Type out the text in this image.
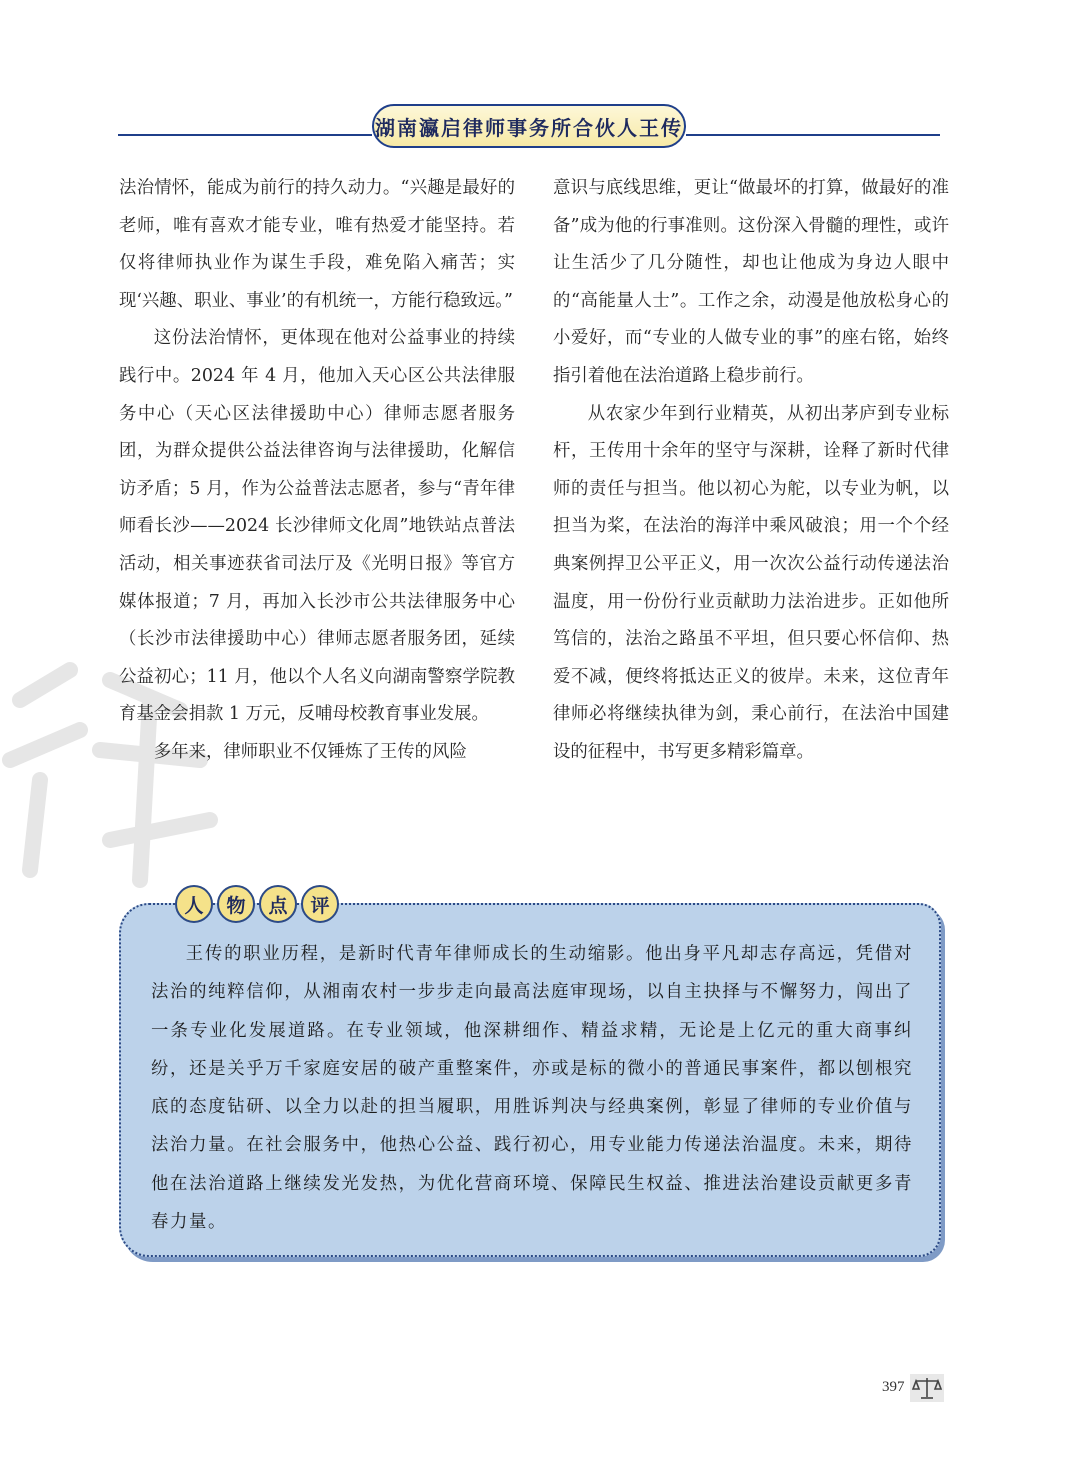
湖南瀛启律师事务所合伙人王传

法治情怀，能成为前行的持久动力。“兴趣是最好的老师，唯有喜欢才能专业，唯有热爱才能坚持。若仅将律师执业作为谋生手段，难免陷入痛苦；实现‘兴趣、职业、事业’的有机统一，方能行稳致远。”

这份法治情怀，更体现在他对公益事业的持续践行中。2024 年 4 月，他加入天心区公共法律服务中心（天心区法律援助中心）律师志愿者服务团，为群众提供公益法律咨询与法律援助，化解信访矛盾；5 月，作为公益普法志愿者，参与“青年律师看长沙——2024 长沙律师文化周”地铁站点普法活动，相关事迹获省司法厅及《光明日报》等官方媒体报道；7 月，再加入长沙市公共法律服务中心（长沙市法律援助中心）律师志愿者服务团，延续公益初心；11 月，他以个人名义向湖南警察学院教育基金会捐款 1 万元，反哺母校教育事业发展。

多年来，律师职业不仅锤炼了王传的风险

意识与底线思维，更让“做最坏的打算，做最好的准备”成为他的行事准则。这份深入骨髓的理性，或许让生活少了几分随性，却也让他成为身边人眼中的“高能量人士”。工作之余，动漫是他放松身心的小爱好，而“专业的人做专业的事”的座右铭，始终指引着他在法治道路上稳步前行。

从农家少年到行业精英，从初出茅庐到专业标杆，王传用十余年的坚守与深耕，诠释了新时代律师的责任与担当。他以初心为舵，以专业为帆，以担当为桨，在法治的海洋中乘风破浪；用一个个经典案例捍卫公平正义，用一次次公益行动传递法治温度，用一份份行业贡献助力法治进步。正如他所笃信的，法治之路虽不平坦，但只要心怀信仰、热爱不减，便终将抵达正义的彼岸。未来，这位青年律师必将继续执律为剑，秉心前行，在法治中国建设的征程中，书写更多精彩篇章。

王传的职业历程，是新时代青年律师成长的生动缩影。他出身平凡却志存高远，凭借对法治的纯粹信仰，从湘南农村一步步走向最高法庭审现场，以自主抉择与不懈努力，闯出了一条专业化发展道路。在专业领域，他深耕细作、精益求精，无论是上亿元的重大商事纠纷，还是关乎万千家庭安居的破产重整案件，亦或是标的微小的普通民事案件，都以刨根究底的态度钻研、以全力以赴的担当履职，用胜诉判决与经典案例，彰显了律师的专业价值与法治力量。在社会服务中，他热心公益、践行初心，用专业能力传递法治温度。未来，期待他在法治道路上继续发光发热，为优化营商环境、保障民生权益、推进法治建设贡献更多青春力量。

人	物	点	评
397
